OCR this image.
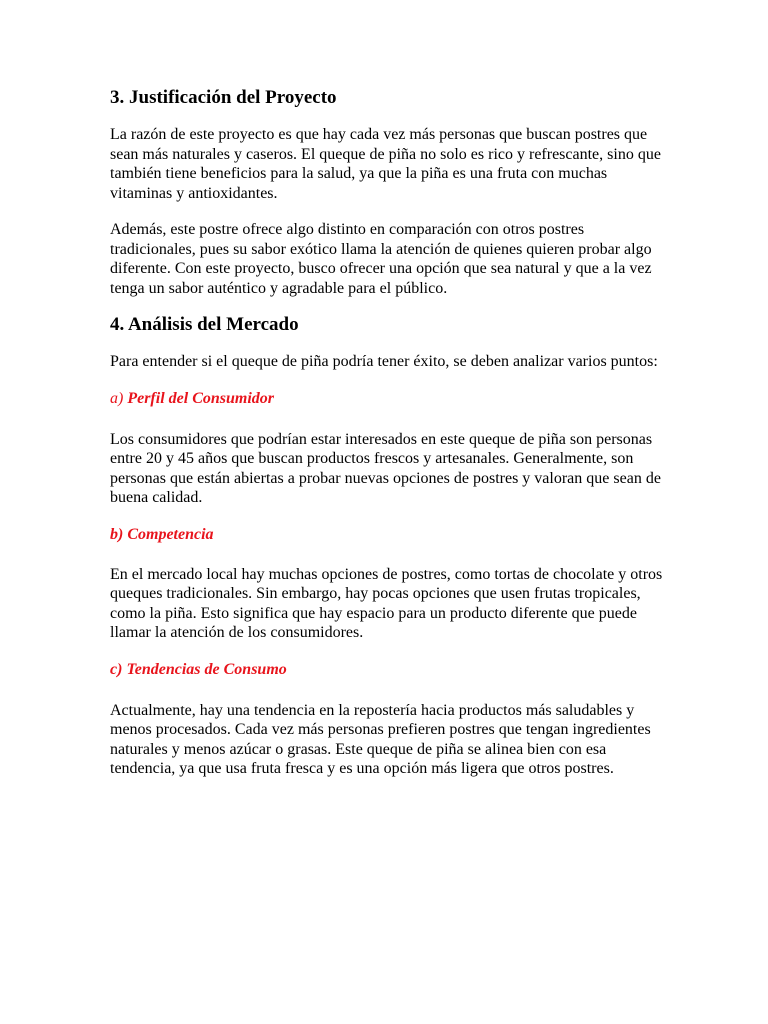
3. Justificación del Proyecto

La razón de este proyecto es que hay cada vez más personas que buscan postres que sean más naturales y caseros. El queque de piña no solo es rico y refrescante, sino que también tiene beneficios para la salud, ya que la piña es una fruta con muchas vitaminas y antioxidantes.

Además, este postre ofrece algo distinto en comparación con otros postres tradicionales, pues su sabor exótico llama la atención de quienes quieren probar algo diferente. Con este proyecto, busco ofrecer una opción que sea natural y que a la vez tenga un sabor auténtico y agradable para el público.

4. Análisis del Mercado

Para entender si el queque de piña podría tener éxito, se deben analizar varios puntos:

a) Perfil del Consumidor

Los consumidores que podrían estar interesados en este queque de piña son personas entre 20 y 45 años que buscan productos frescos y artesanales. Generalmente, son personas que están abiertas a probar nuevas opciones de postres y valoran que sean de buena calidad.

b) Competencia

En el mercado local hay muchas opciones de postres, como tortas de chocolate y otros queques tradicionales. Sin embargo, hay pocas opciones que usen frutas tropicales, como la piña. Esto significa que hay espacio para un producto diferente que puede llamar la atención de los consumidores.

c) Tendencias de Consumo

Actualmente, hay una tendencia en la repostería hacia productos más saludables y menos procesados. Cada vez más personas prefieren postres que tengan ingredientes naturales y menos azúcar o grasas. Este queque de piña se alinea bien con esa tendencia, ya que usa fruta fresca y es una opción más ligera que otros postres.
